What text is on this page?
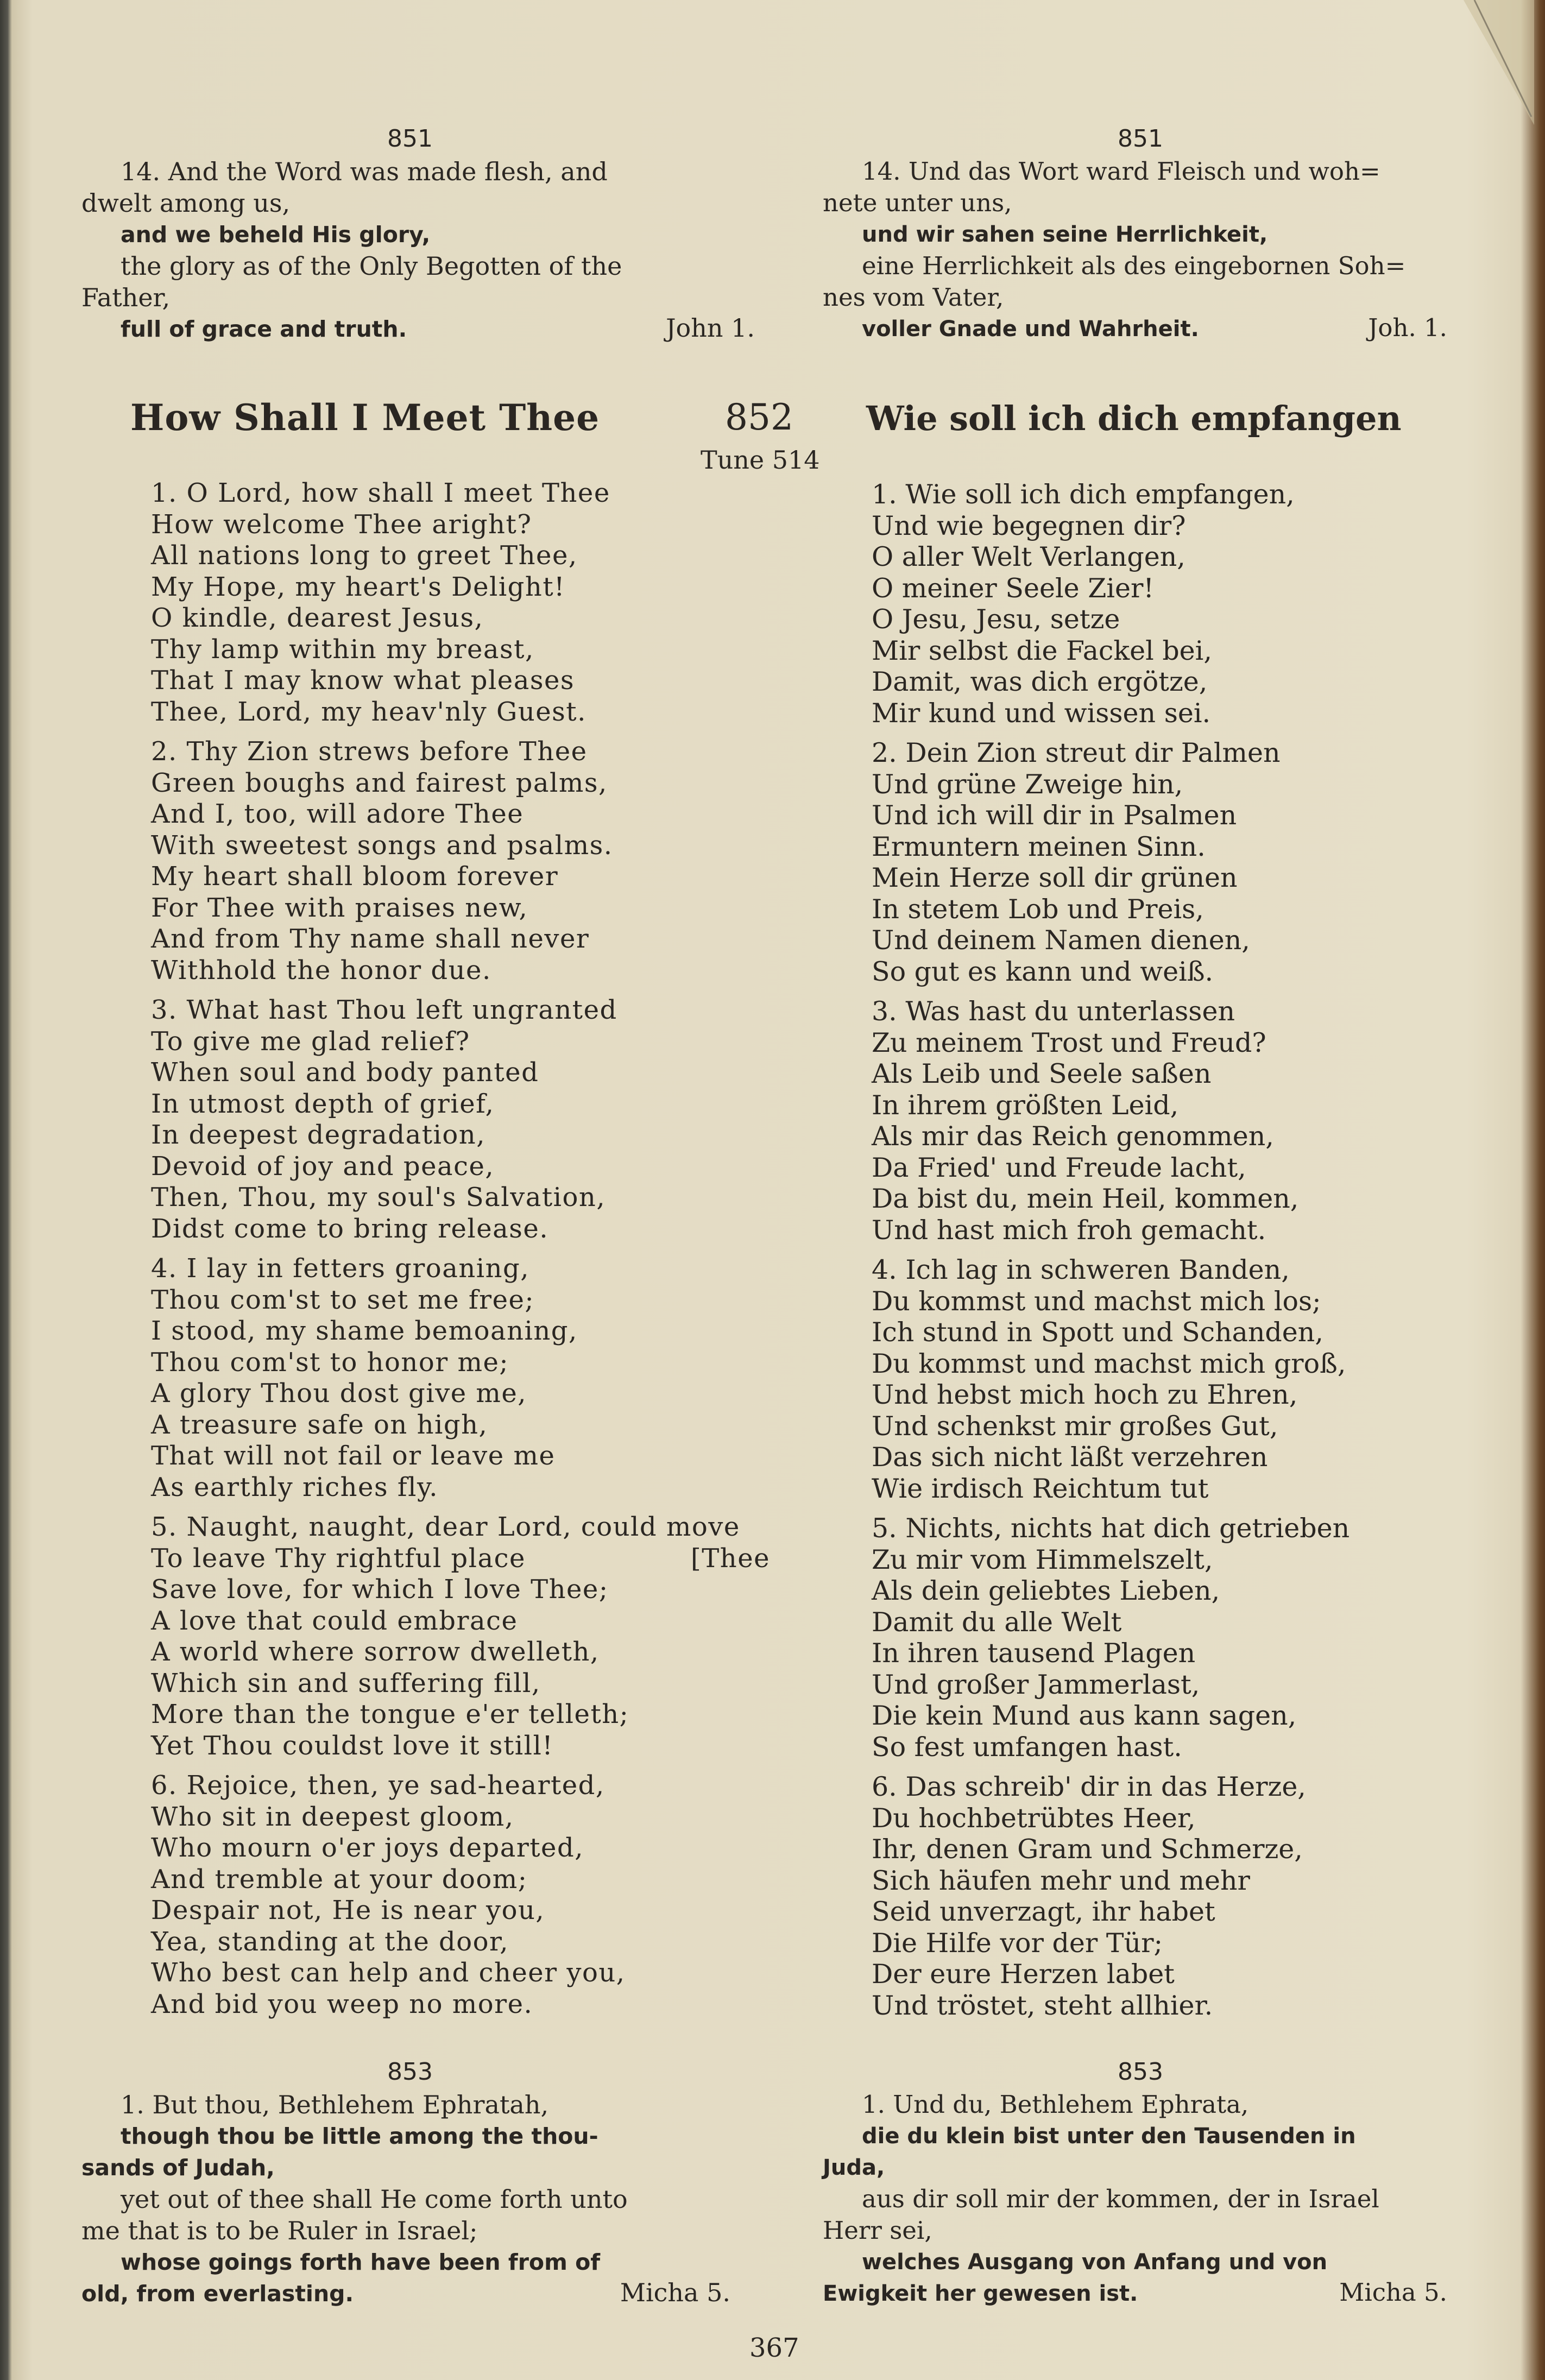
851
14. And the Word was made flesh, and
dwelt among us,
and we beheld His glory,
the glory as of the Only Begotten of the
Father,
full of grace and truth.	John 1.
851
14. Und das Wort ward Fleisch und woh=
nete unter uns,
und wir sahen seine Herrlichkeit,
eine Herrlichkeit als des eingebornen Soh=
nes vom Vater,
voller Gnade und Wahrheit.	Joh. 1.
How Shall I Meet Thee	852 Wie soll ich dich empfangen
Tune 514
1. O Lord, how shall I meet Thee
How welcome Thee aright?
All nations long to greet Thee,
My Hope, my heart's Delight!
O kindle, dearest Jesus,
Thy lamp within my breast,
That I may know what pleases
Thee, Lord, my heav'nly Guest.
2. Thy Zion strews before Thee
Green boughs and fairest palms,
And I, too, will adore Thee
With sweetest songs and psalms.
My heart shall bloom forever
For Thee with praises new,
And from Thy name shall never
Withhold the honor due.
3. What hast Thou left ungranted
To give me glad relief?
When soul and body panted
In utmost depth of grief,
In deepest degradation,
Devoid of joy and peace,
Then, Thou, my soul's Salvation,
Didst come to bring release.
4. I lay in fetters groaning,
Thou com'st to set me free;
I stood, my shame bemoaning,
Thou com'st to honor me;
A glory Thou dost give me,
A treasure safe on high,
That will not fail or leave me
As earthly riches fly.
5. Naught, naught, dear Lord, could move
To leave Thy rightful place	[Thee
Save love, for which I love Thee;
A love that could embrace
A world where sorrow dwelleth,
Which sin and suffering fill,
More than the tongue e'er telleth;
Yet Thou couldst love it still!
6. Rejoice, then, ye sad-hearted,
Who sit in deepest gloom,
Who mourn o'er joys departed,
And tremble at your doom;
Despair not, He is near you,
Yea, standing at the door,
Who best can help and cheer you,
And bid you weep no more.
1. Wie soll ich dich empfangen,
Und wie begegnen dir?
O aller Welt Verlangen,
O meiner Seele Zier!
O Jesu, Jesu, setze
Mir selbst die Fackel bei,
Damit, was dich ergötze,
Mir kund und wissen sei.
2. Dein Zion streut dir Palmen
Und grüne Zweige hin,
Und ich will dir in Psalmen
Ermuntern meinen Sinn.
Mein Herze soll dir grünen
In stetem Lob und Preis,
Und deinem Namen dienen,
So gut es kann und weiß.
3. Was hast du unterlassen
Zu meinem Trost und Freud?
Als Leib und Seele saßen
In ihrem größten Leid,
Als mir das Reich genommen,
Da Fried' und Freude lacht,
Da bist du, mein Heil, kommen,
Und hast mich froh gemacht.
4. Ich lag in schweren Banden,
Du kommst und machst mich los;
Ich stund in Spott und Schanden,
Du kommst und machst mich groß,
Und hebst mich hoch zu Ehren,
Und schenkst mir großes Gut,
Das sich nicht läßt verzehren
Wie irdisch Reichtum tut
5. Nichts, nichts hat dich getrieben
Zu mir vom Himmelszelt,
Als dein geliebtes Lieben,
Damit du alle Welt
In ihren tausend Plagen
Und großer Jammerlast,
Die kein Mund aus kann sagen,
So fest umfangen hast.
6. Das schreib' dir in das Herze,
Du hochbetrübtes Heer,
Ihr, denen Gram und Schmerze,
Sich häufen mehr und mehr
Seid unverzagt, ihr habet
Die Hilfe vor der Tür;
Der eure Herzen labet
Und tröstet, steht allhier.
853
1. But thou, Bethlehem Ephratah,
though thou be little among the thou-
sands of Judah,
yet out of thee shall He come forth unto
me that is to be Ruler in Israel;
whose goings forth have been from of
old, from everlasting.	Micha 5.
853
1. Und du, Bethlehem Ephrata,
die du klein bist unter den Tausenden in
Juda,
aus dir soll mir der kommen, der in Israel
Herr sei,
welches Ausgang von Anfang und von
Ewigkeit her gewesen ist.	Micha 5.
367
